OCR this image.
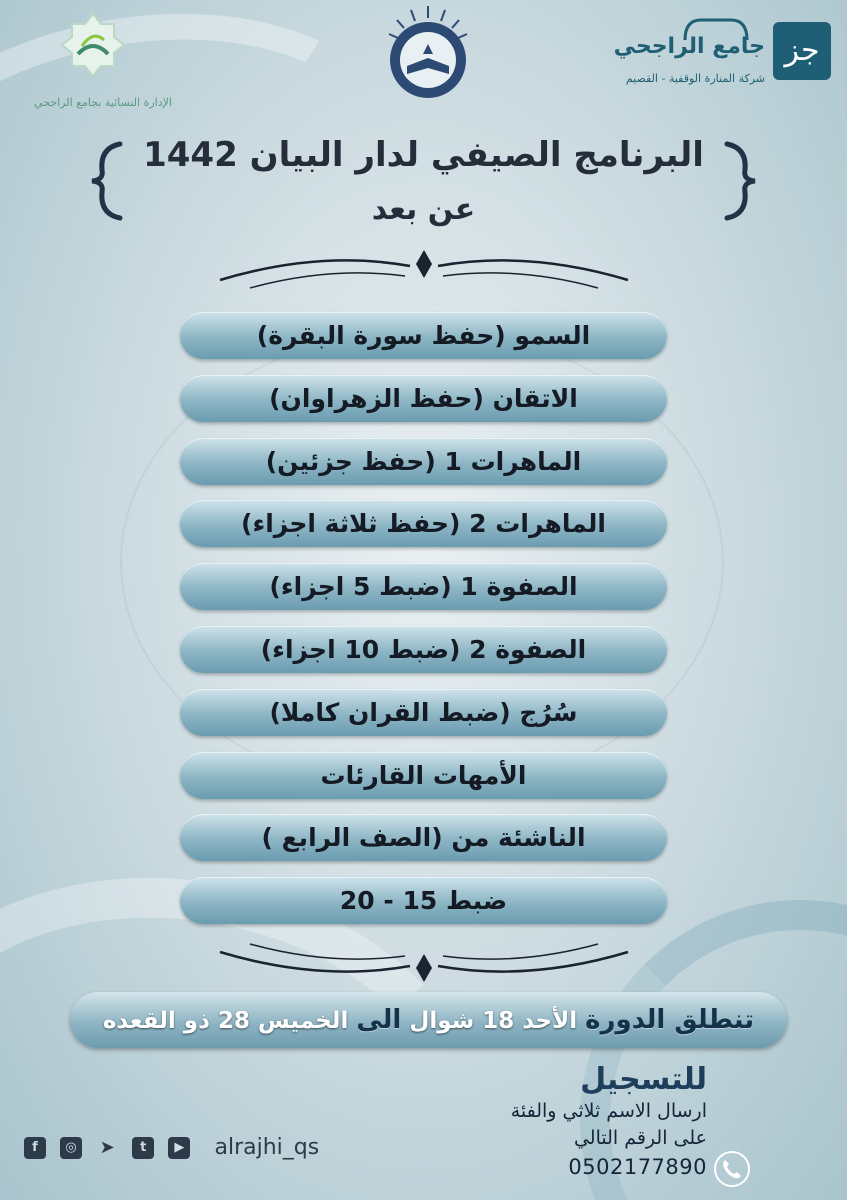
جز
جامع الراجحي
شركة المنارة الوقفية - القصيم
الإدارة النسائية بجامع الراجحي
البرنامج الصيفي لدار البيان 1442
عن بعد
السمو (حفظ سورة البقرة)
الاتقان (حفظ الزهراوان)
الماهرات 1 (حفظ جزئين)
الماهرات 2 (حفظ ثلاثة اجزاء)
الصفوة 1 (ضبط 5 اجزاء)
الصفوة 2 (ضبط 10 اجزاء)
سُرُج (ضبط القران كاملا)
الأمهات القارئات
الناشئة من (الصف الرابع )
ضبط 15 - 20
تنطلق الدورة الأحد 18 شوال الى الخميس 28 ذو القعده
للتسجيل
ارسال الاسم ثلاثي والفئة
على الرقم التالي
0502177890
f ◎ ➤ t ▶ alrajhi_qs
